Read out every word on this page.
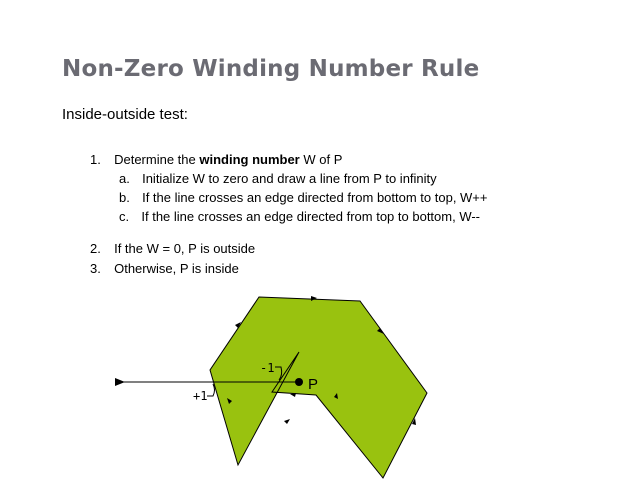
Non-Zero Winding Number Rule
Inside-outside test:
1. Determine the winding number W of P
a. Initialize W to zero and draw a line from P to infinity
b. If the line crosses an edge directed from bottom to top, W++
c. If the line crosses an edge directed from top to bottom, W--
2. If the W = 0, P is outside
3. Otherwise, P is inside
P
-1
+1
